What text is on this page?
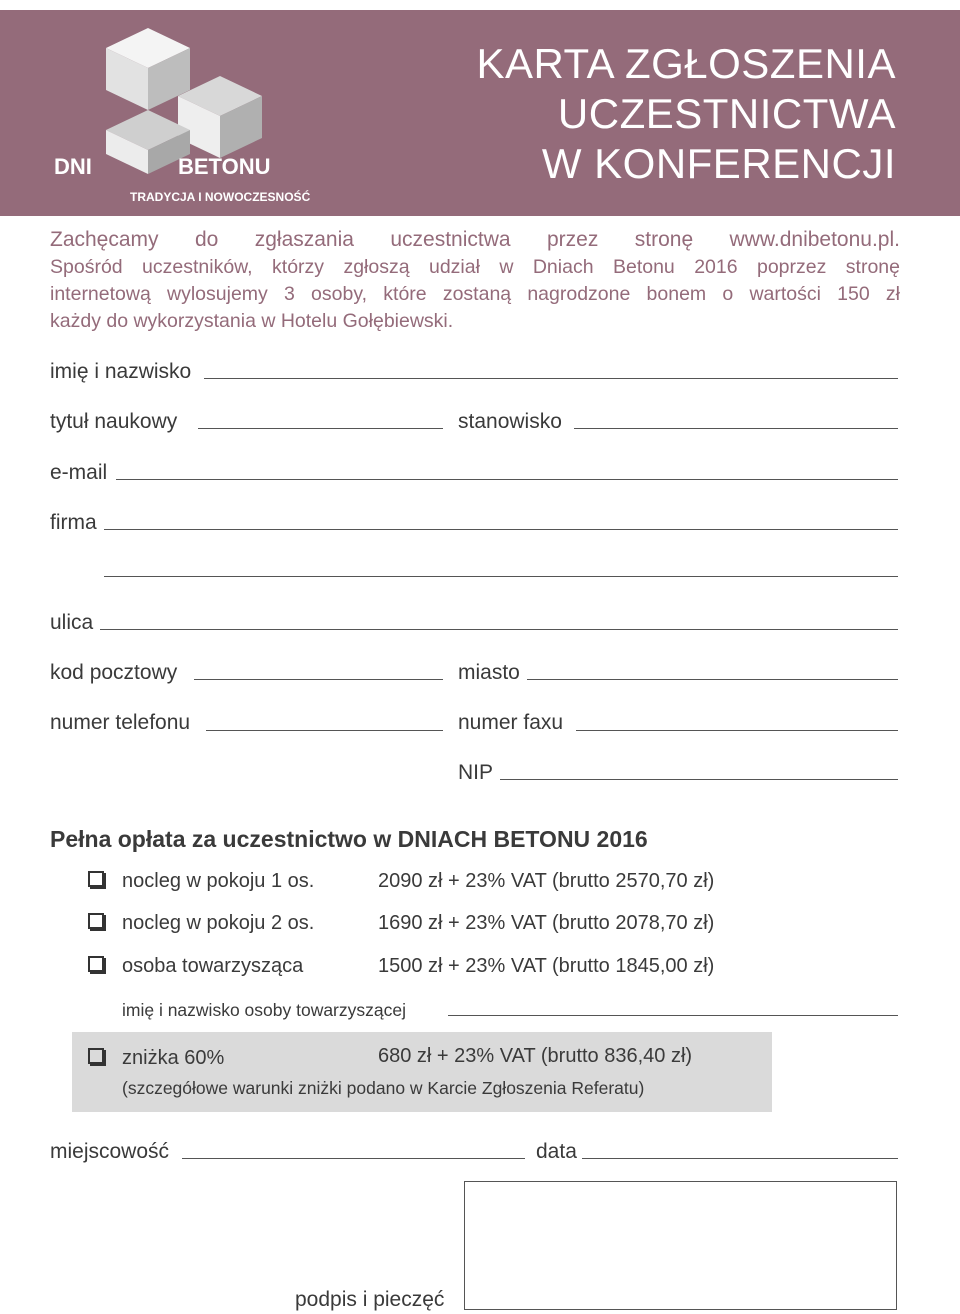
DNI	BETONU
TRADYCJA I NOWOCZESNOŚĆ
KARTA ZGŁOSZENIA
UCZESTNICTWA
W KONFERENCJI
Zachęcamy do zgłaszania uczestnictwa przez stronę www.dnibetonu.pl.
Spośród uczestników, którzy zgłoszą udział w Dniach Betonu 2016 poprzez stronę
internetową wylosujemy 3 osoby, które zostaną nagrodzone bonem o wartości 150 zł
każdy do wykorzystania w Hotelu Gołębiewski.
imię i nazwisko
tytuł naukowy	stanowisko
e-mail
firma
ulica
kod pocztowy	miasto
numer telefonu	numer faxu
NIP
Pełna opłata za uczestnictwo w DNIACH BETONU 2016
nocleg w pokoju 1 os.	2090 zł + 23% VAT (brutto 2570,70 zł)
nocleg w pokoju 2 os.	1690 zł + 23% VAT (brutto 2078,70 zł)
osoba towarzysząca	1500 zł + 23% VAT (brutto 1845,00 zł)
imię i nazwisko osoby towarzyszącej
zniżka 60%	680 zł + 23% VAT (brutto 836,40 zł)
(szczegółowe warunki zniżki podano w Karcie Zgłoszenia Referatu)
miejscowość	data
podpis i pieczęć
